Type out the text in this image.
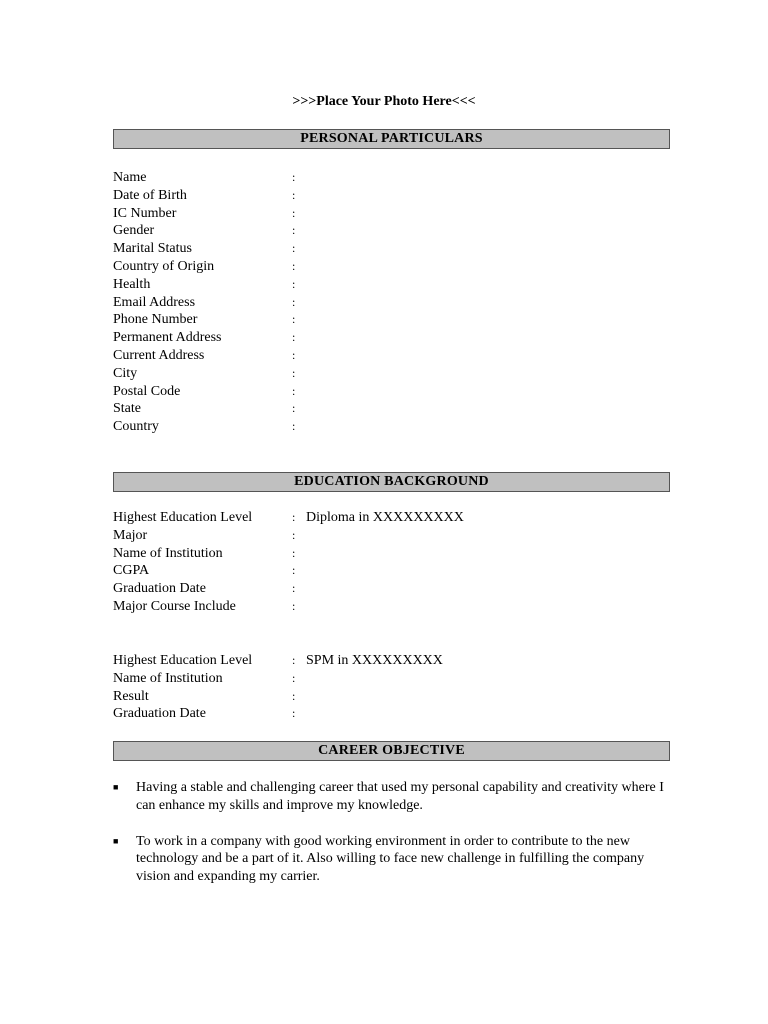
>>>Place Your Photo Here<<<
PERSONAL PARTICULARS
Name	:
Date of Birth	:
IC Number	:
Gender	:
Marital Status	:
Country of Origin	:
Health	:
Email Address	:
Phone Number	:
Permanent Address	:
Current Address	:
City	:
Postal Code	:
State	:
Country	:
EDUCATION BACKGROUND
Highest Education Level	: Diploma in XXXXXXXXX
Major	:
Name of Institution	:
CGPA	:
Graduation Date	:
Major Course Include	:
Highest Education Level	: SPM in XXXXXXXXX
Name of Institution	:
Result	:
Graduation Date	:
CAREER OBJECTIVE
■ Having a stable and challenging career that used my personal capability and creativity where I can enhance my skills and improve my knowledge.
■ To work in a company with good working environment in order to contribute to the new technology and be a part of it. Also willing to face new challenge in fulfilling the company vision and expanding my carrier.
